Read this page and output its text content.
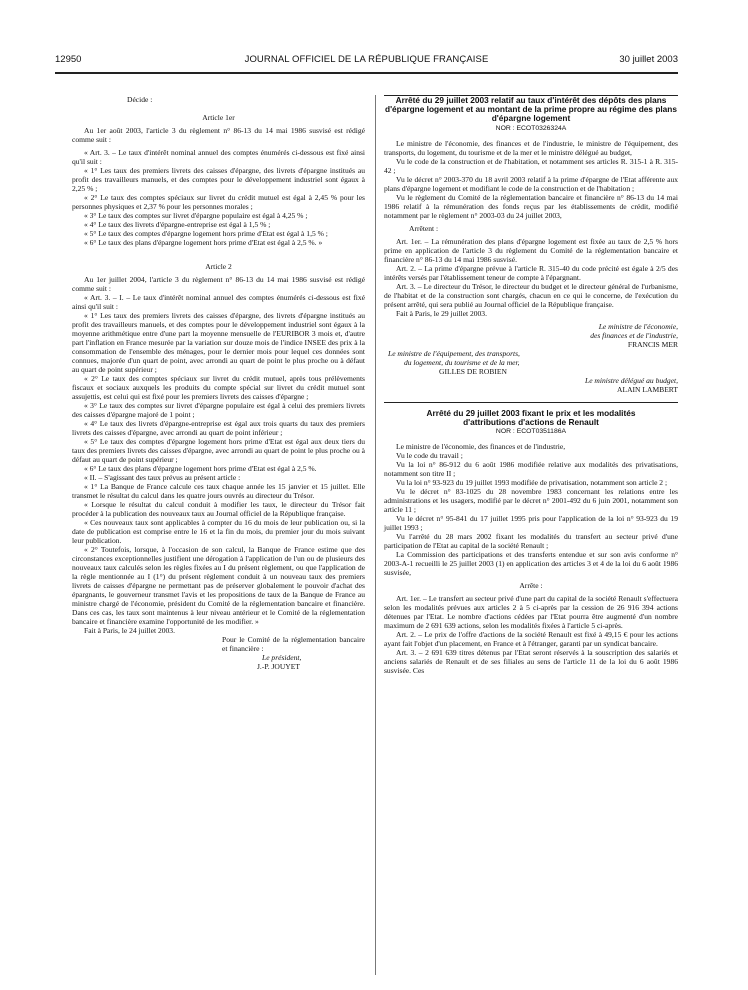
12950	JOURNAL OFFICIEL DE LA RÉPUBLIQUE FRANÇAISE	30 juillet 2003

Décide :

Article 1er

Au 1er août 2003, l'article 3 du règlement n° 86-13 du 14 mai 1986 susvisé est rédigé comme suit :

« Art. 3. – Le taux d'intérêt nominal annuel des comptes énumérés ci-dessous est fixé ainsi qu'il suit :

« 1° Les taux des premiers livrets des caisses d'épargne, des livrets d'épargne institués au profit des travailleurs manuels, et des comptes pour le développement industriel sont égaux à 2,25 % ;

« 2° Le taux des comptes spéciaux sur livret du crédit mutuel est égal à 2,45 % pour les personnes physiques et 2,37 % pour les personnes morales ;

« 3° Le taux des comptes sur livret d'épargne populaire est égal à 4,25 % ;

« 4° Le taux des livrets d'épargne-entreprise est égal à 1,5 % ;

« 5° Le taux des comptes d'épargne logement hors prime d'Etat est égal à 1,5 % ;

« 6° Le taux des plans d'épargne logement hors prime d'Etat est égal à 2,5 %. »

Article 2

Au 1er juillet 2004, l'article 3 du règlement n° 86-13 du 14 mai 1986 susvisé est rédigé comme suit :

« Art. 3. – I. – Le taux d'intérêt nominal annuel des comptes énumérés ci-dessous est fixé ainsi qu'il suit :

« 1° Les taux des premiers livrets des caisses d'épargne, des livrets d'épargne institués au profit des travailleurs manuels, et des comptes pour le développement industriel sont égaux à la moyenne arithmétique entre d'une part la moyenne mensuelle de l'EURIBOR 3 mois et, d'autre part l'inflation en France mesurée par la variation sur douze mois de l'indice INSEE des prix à la consommation de l'ensemble des ménages, pour le dernier mois pour lequel ces données sont connues, majorée d'un quart de point, avec arrondi au quart de point le plus proche ou à défaut au quart de point supérieur ;

« 2° Le taux des comptes spéciaux sur livret du crédit mutuel, après tous prélèvements fiscaux et sociaux auxquels les produits du compte spécial sur livret du crédit mutuel sont assujettis, est celui qui est fixé pour les premiers livrets des caisses d'épargne ;

« 3° Le taux des comptes sur livret d'épargne populaire est égal à celui des premiers livrets des caisses d'épargne majoré de 1 point ;

« 4° Le taux des livrets d'épargne-entreprise est égal aux trois quarts du taux des premiers livrets des caisses d'épargne, avec arrondi au quart de point inférieur ;

« 5° Le taux des comptes d'épargne logement hors prime d'Etat est égal aux deux tiers du taux des premiers livrets des caisses d'épargne, avec arrondi au quart de point le plus proche ou à défaut au quart de point supérieur ;

« 6° Le taux des plans d'épargne logement hors prime d'Etat est égal à 2,5 %.

« II. – S'agissant des taux prévus au présent article :

« 1° La Banque de France calcule ces taux chaque année les 15 janvier et 15 juillet. Elle transmet le résultat du calcul dans les quatre jours ouvrés au directeur du Trésor.

« Lorsque le résultat du calcul conduit à modifier les taux, le directeur du Trésor fait procéder à la publication des nouveaux taux au Journal officiel de la République française.

« Ces nouveaux taux sont applicables à compter du 16 du mois de leur publication ou, si la date de publication est comprise entre le 16 et la fin du mois, du premier jour du mois suivant leur publication.

« 2° Toutefois, lorsque, à l'occasion de son calcul, la Banque de France estime que des circonstances exceptionnelles justifient une dérogation à l'application de l'un ou de plusieurs des nouveaux taux calculés selon les règles fixées au I du présent règlement, ou que l'application de la règle mentionnée au I (1°) du présent règlement conduit à un nouveau taux des premiers livrets de caisses d'épargne ne permettant pas de préserver globalement le pouvoir d'achat des épargnants, le gouverneur transmet l'avis et les propositions de taux de la Banque de France au ministre chargé de l'économie, président du Comité de la réglementation bancaire et financière. Dans ces cas, les taux sont maintenus à leur niveau antérieur et le Comité de la réglementation bancaire et financière examine l'opportunité de les modifier. »

Fait à Paris, le 24 juillet 2003.

Pour le Comité de la réglementation bancaire et financière :

Le président,

J.-P. JOUYET

Arrêté du 29 juillet 2003 relatif au taux d'intérêt des dépôts des plans d'épargne logement et au montant de la prime propre au régime des plans d'épargne logement

NOR : ECOT0326324A

Le ministre de l'économie, des finances et de l'industrie, le ministre de l'équipement, des transports, du logement, du tourisme et de la mer et le ministre délégué au budget,

Vu le code de la construction et de l'habitation, et notamment ses articles R. 315-1 à R. 315-42 ;

Vu le décret n° 2003-370 du 18 avril 2003 relatif à la prime d'épargne de l'Etat afférente aux plans d'épargne logement et modifiant le code de la construction et de l'habitation ;

Vu le règlement du Comité de la réglementation bancaire et financière n° 86-13 du 14 mai 1986 relatif à la rémunération des fonds reçus par les établissements de crédit, modifié notamment par le règlement n° 2003-03 du 24 juillet 2003,

Arrêtent :

Art. 1er. – La rémunération des plans d'épargne logement est fixée au taux de 2,5 % hors prime en application de l'article 3 du règlement du Comité de la réglementation bancaire et financière n° 86-13 du 14 mai 1986 susvisé.

Art. 2. – La prime d'épargne prévue à l'article R. 315-40 du code précité est égale à 2/5 des intérêts versés par l'établissement teneur de compte à l'épargnant.

Art. 3. – Le directeur du Trésor, le directeur du budget et le directeur général de l'urbanisme, de l'habitat et de la construction sont chargés, chacun en ce qui le concerne, de l'exécution du présent arrêté, qui sera publié au Journal officiel de la République française.

Fait à Paris, le 29 juillet 2003.

Le ministre de l'économie,

des finances et de l'industrie,

FRANCIS MER

Le ministre de l'équipement, des transports,

du logement, du tourisme et de la mer,

GILLES DE ROBIEN

Le ministre délégué au budget,

ALAIN LAMBERT

Arrêté du 29 juillet 2003 fixant le prix et les modalités d'attributions d'actions de Renault

NOR : ECOT0351186A

Le ministre de l'économie, des finances et de l'industrie,

Vu le code du travail ;

Vu la loi n° 86-912 du 6 août 1986 modifiée relative aux modalités des privatisations, notamment son titre II ;

Vu la loi n° 93-923 du 19 juillet 1993 modifiée de privatisation, notamment son article 2 ;

Vu le décret n° 83-1025 du 28 novembre 1983 concernant les relations entre les administrations et les usagers, modifié par le décret n° 2001-492 du 6 juin 2001, notamment son article 11 ;

Vu le décret n° 95-841 du 17 juillet 1995 pris pour l'application de la loi n° 93-923 du 19 juillet 1993 ;

Vu l'arrêté du 28 mars 2002 fixant les modalités du transfert au secteur privé d'une participation de l'Etat au capital de la société Renault ;

La Commission des participations et des transferts entendue et sur son avis conforme n° 2003-A-1 recueilli le 25 juillet 2003 (1) en application des articles 3 et 4 de la loi du 6 août 1986 susvisée,

Arrête :

Art. 1er. – Le transfert au secteur privé d'une part du capital de la société Renault s'effectuera selon les modalités prévues aux articles 2 à 5 ci-après par la cession de 26 916 394 actions détenues par l'Etat. Le nombre d'actions cédées par l'Etat pourra être augmenté d'un nombre maximum de 2 691 639 actions, selon les modalités fixées à l'article 5 ci-après.

Art. 2. – Le prix de l'offre d'actions de la société Renault est fixé à 49,15 € pour les actions ayant fait l'objet d'un placement, en France et à l'étranger, garanti par un syndicat bancaire.

Art. 3. – 2 691 639 titres détenus par l'Etat seront réservés à la souscription des salariés et anciens salariés de Renault et de ses filiales au sens de l'article 11 de la loi du 6 août 1986 susvisée. Ces
